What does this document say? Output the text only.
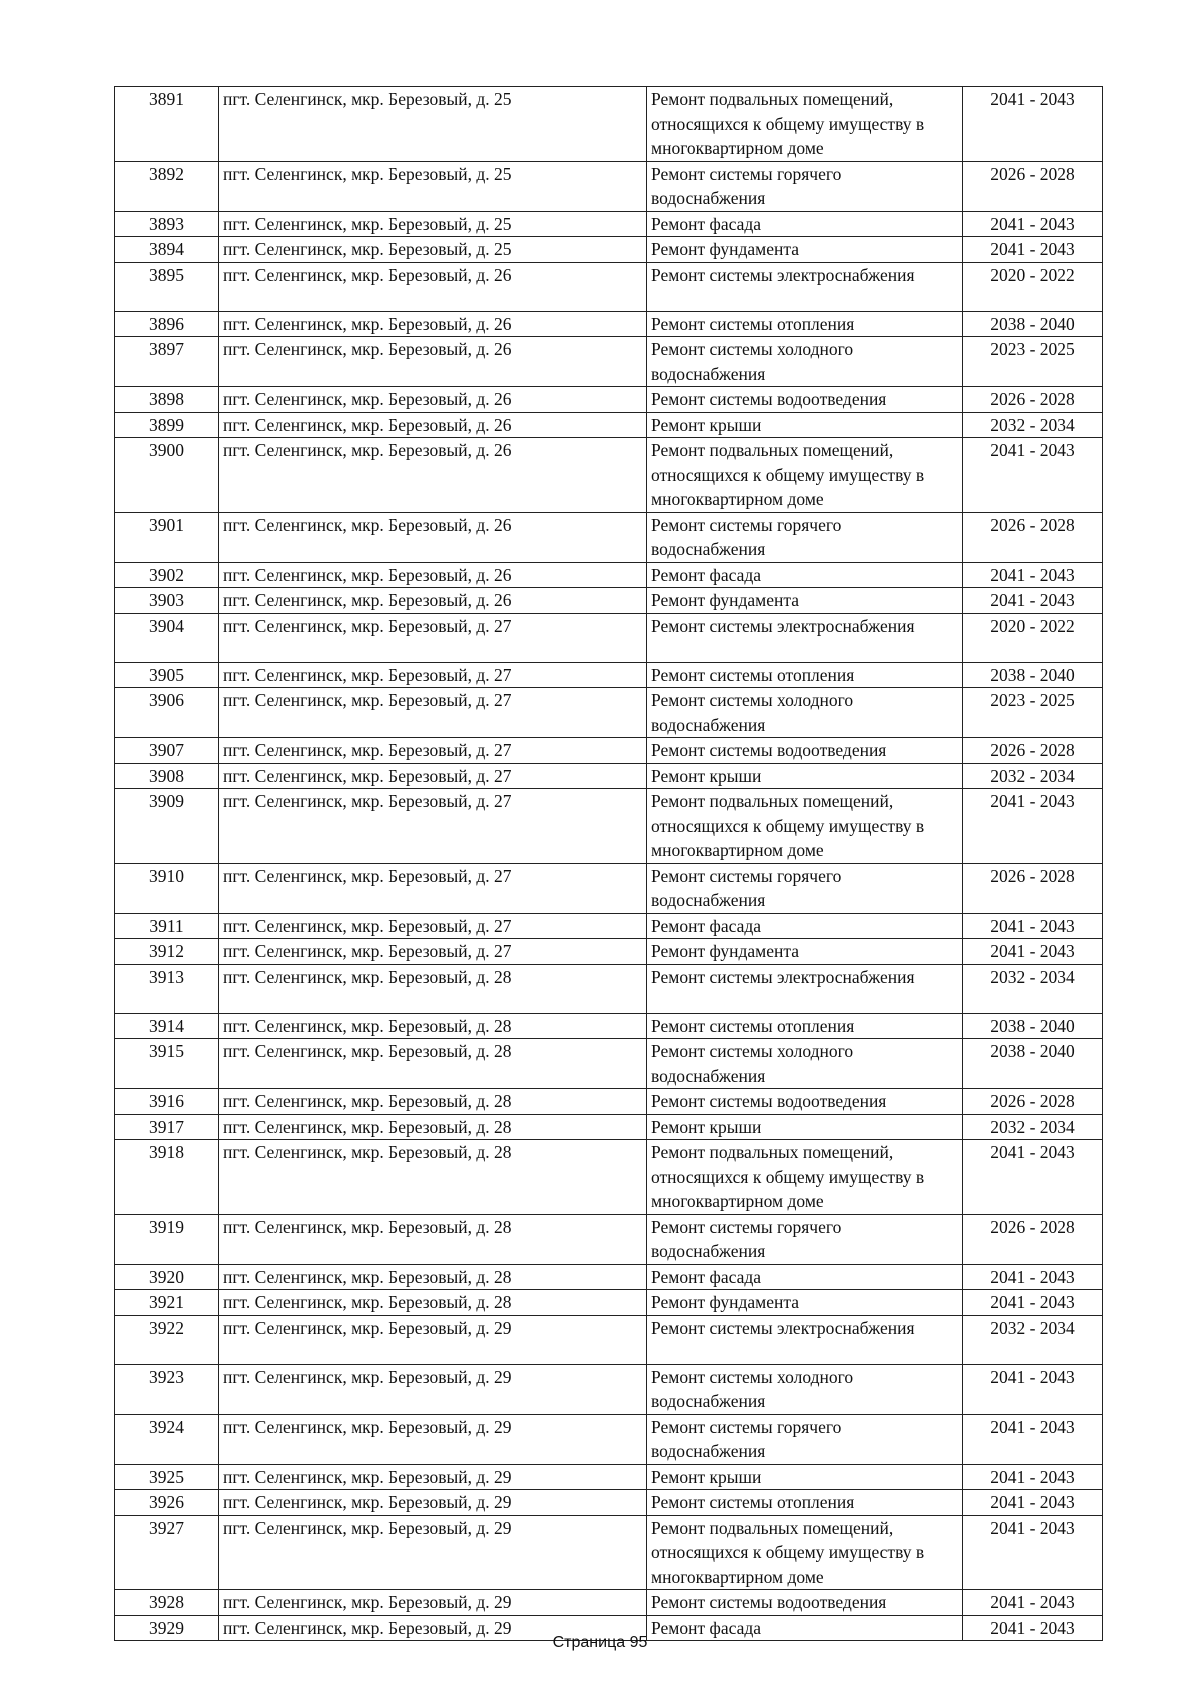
3891	пгт. Селенгинск, мкр. Березовый, д. 25	Ремонт подвальных помещений, относящихся к общему имуществу в многоквартирном доме	2041 - 2043
3892	пгт. Селенгинск, мкр. Березовый, д. 25	Ремонт системы горячего водоснабжения	2026 - 2028
3893	пгт. Селенгинск, мкр. Березовый, д. 25	Ремонт фасада	2041 - 2043
3894	пгт. Селенгинск, мкр. Березовый, д. 25	Ремонт фундамента	2041 - 2043
3895	пгт. Селенгинск, мкр. Березовый, д. 26	Ремонт системы электроснабжения	2020 - 2022
3896	пгт. Селенгинск, мкр. Березовый, д. 26	Ремонт системы отопления	2038 - 2040
3897	пгт. Селенгинск, мкр. Березовый, д. 26	Ремонт системы холодного водоснабжения	2023 - 2025
3898	пгт. Селенгинск, мкр. Березовый, д. 26	Ремонт системы водоотведения	2026 - 2028
3899	пгт. Селенгинск, мкр. Березовый, д. 26	Ремонт крыши	2032 - 2034
3900	пгт. Селенгинск, мкр. Березовый, д. 26	Ремонт подвальных помещений, относящихся к общему имуществу в многоквартирном доме	2041 - 2043
3901	пгт. Селенгинск, мкр. Березовый, д. 26	Ремонт системы горячего водоснабжения	2026 - 2028
3902	пгт. Селенгинск, мкр. Березовый, д. 26	Ремонт фасада	2041 - 2043
3903	пгт. Селенгинск, мкр. Березовый, д. 26	Ремонт фундамента	2041 - 2043
3904	пгт. Селенгинск, мкр. Березовый, д. 27	Ремонт системы электроснабжения	2020 - 2022
3905	пгт. Селенгинск, мкр. Березовый, д. 27	Ремонт системы отопления	2038 - 2040
3906	пгт. Селенгинск, мкр. Березовый, д. 27	Ремонт системы холодного водоснабжения	2023 - 2025
3907	пгт. Селенгинск, мкр. Березовый, д. 27	Ремонт системы водоотведения	2026 - 2028
3908	пгт. Селенгинск, мкр. Березовый, д. 27	Ремонт крыши	2032 - 2034
3909	пгт. Селенгинск, мкр. Березовый, д. 27	Ремонт подвальных помещений, относящихся к общему имуществу в многоквартирном доме	2041 - 2043
3910	пгт. Селенгинск, мкр. Березовый, д. 27	Ремонт системы горячего водоснабжения	2026 - 2028
3911	пгт. Селенгинск, мкр. Березовый, д. 27	Ремонт фасада	2041 - 2043
3912	пгт. Селенгинск, мкр. Березовый, д. 27	Ремонт фундамента	2041 - 2043
3913	пгт. Селенгинск, мкр. Березовый, д. 28	Ремонт системы электроснабжения	2032 - 2034
3914	пгт. Селенгинск, мкр. Березовый, д. 28	Ремонт системы отопления	2038 - 2040
3915	пгт. Селенгинск, мкр. Березовый, д. 28	Ремонт системы холодного водоснабжения	2038 - 2040
3916	пгт. Селенгинск, мкр. Березовый, д. 28	Ремонт системы водоотведения	2026 - 2028
3917	пгт. Селенгинск, мкр. Березовый, д. 28	Ремонт крыши	2032 - 2034
3918	пгт. Селенгинск, мкр. Березовый, д. 28	Ремонт подвальных помещений, относящихся к общему имуществу в многоквартирном доме	2041 - 2043
3919	пгт. Селенгинск, мкр. Березовый, д. 28	Ремонт системы горячего водоснабжения	2026 - 2028
3920	пгт. Селенгинск, мкр. Березовый, д. 28	Ремонт фасада	2041 - 2043
3921	пгт. Селенгинск, мкр. Березовый, д. 28	Ремонт фундамента	2041 - 2043
3922	пгт. Селенгинск, мкр. Березовый, д. 29	Ремонт системы электроснабжения	2032 - 2034
3923	пгт. Селенгинск, мкр. Березовый, д. 29	Ремонт системы холодного водоснабжения	2041 - 2043
3924	пгт. Селенгинск, мкр. Березовый, д. 29	Ремонт системы горячего водоснабжения	2041 - 2043
3925	пгт. Селенгинск, мкр. Березовый, д. 29	Ремонт крыши	2041 - 2043
3926	пгт. Селенгинск, мкр. Березовый, д. 29	Ремонт системы отопления	2041 - 2043
3927	пгт. Селенгинск, мкр. Березовый, д. 29	Ремонт подвальных помещений, относящихся к общему имуществу в многоквартирном доме	2041 - 2043
3928	пгт. Селенгинск, мкр. Березовый, д. 29	Ремонт системы водоотведения	2041 - 2043
3929	пгт. Селенгинск, мкр. Березовый, д. 29	Ремонт фасада	2041 - 2043
Страница 95
